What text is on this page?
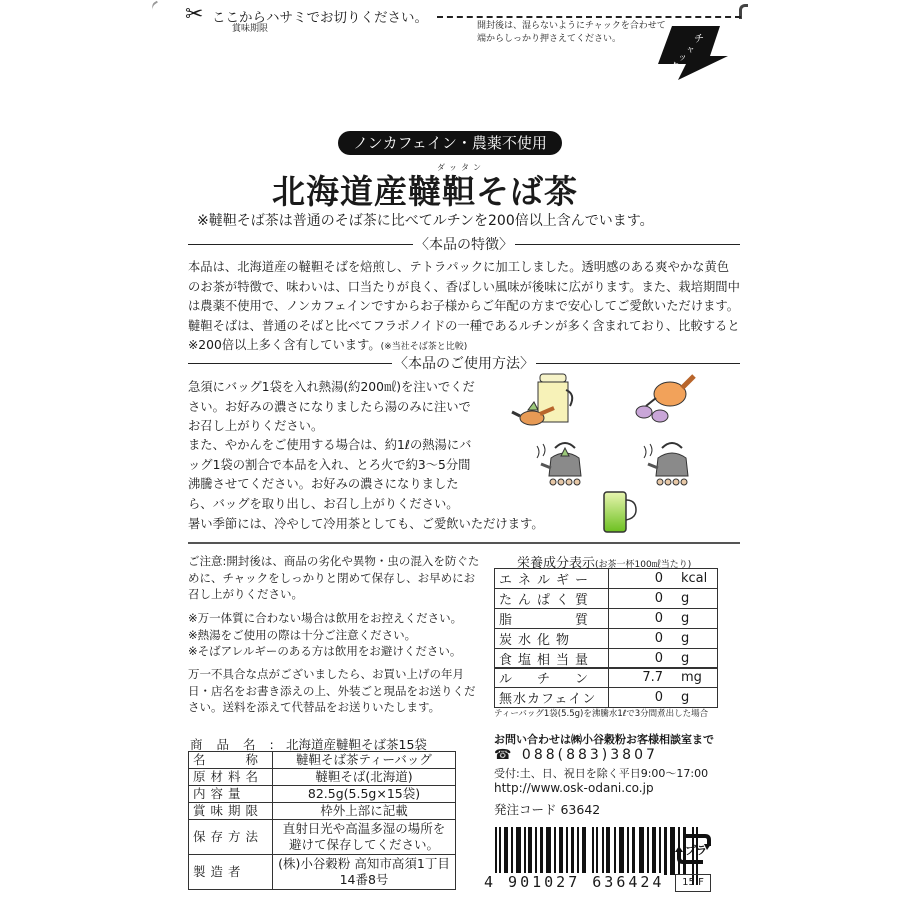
✂ ここからハサミでお切りください。
賞味期限	開封後は、湿らないようにチャックを合わせて
端からしっかり押さえてください。	チ
ャ
ッ
ク
ノンカフェイン・農薬不使用
ダッタン
北海道産韃靼そば茶
※韃靼そば茶は普通のそば茶に比べてルチンを200倍以上含んでいます。
〈本品の特徴〉
本品は、北海道産の韃靼そばを焙煎し、テトラパックに加工しました。透明感のある爽やかな黄色のお茶が特徴で、味わいは、口当たりが良く、香ばしい風味が後味に広がります。また、栽培期間中は農薬不使用で、ノンカフェインですからお子様からご年配の方まで安心してご愛飲いただけます。韃靼そばは、普通のそばと比べてフラボノイドの一種であるルチンが多く含まれており、比較すると※200倍以上多く含有しています。(※当社そば茶と比較)
〈本品のご使用方法〉
急須にバッグ1袋を入れ熱湯(約200㎖)を注いでください。お好みの濃さになりましたら湯のみに注いでお召し上がりください。
また、やかんをご使用する場合は、約1ℓの熱湯にバッグ1袋の割合で本品を入れ、とろ火で約3〜5分間沸騰させてください。お好みの濃さになりましたら、バッグを取り出し、お召し上がりください。
暑い季節には、冷やして冷用茶としても、ご愛飲いただけます。
ご注意:開封後は、商品の劣化や異物・虫の混入を防ぐために、チャックをしっかりと閉めて保存し、お早めにお召し上がりください。
※万一体質に合わない場合は飲用をお控えください。
※熱湯をご使用の際は十分ご注意ください。
※そばアレルギーのある方は飲用をお避けください。
万一不具合な点がございましたら、お買い上げの年月日・店名をお書き添えの上、外装ごと現品をお送りください。送料を添えて代替品をお送りいたします。
栄養成分表示(お茶一杯100㎖当たり)
エネルギー	0	kcal
たんぱく質	0	g
脂　　　質	0	g
炭水化物	0	g
食塩相当量	0	g
ル　チ　ン	7.7	mg
無水カフェイン	0	g
ティーバッグ1袋(5.5g)を沸騰水1ℓで3分間煮出した場合
商品名:北海道産韃靼そば茶15袋
名　　称	韃靼そば茶ティーバッグ
原材料名	韃靼そば(北海道)
内容量	82.5g(5.5g×15袋)
賞味期限	枠外上部に記載
保存方法	直射日光や高温多湿の場所を避けて保存してください。
製造者	(株)小谷穀粉 高知市高須1丁目14番8号
お問い合わせは㈱小谷穀粉お客様相談室まで
☎ 088(883)3807
受付:土、日、祝日を除く平日9:00〜17:00
http://www.osk-odani.co.jp
発注コード 63642
4 901027 636424
プラ
15.F
